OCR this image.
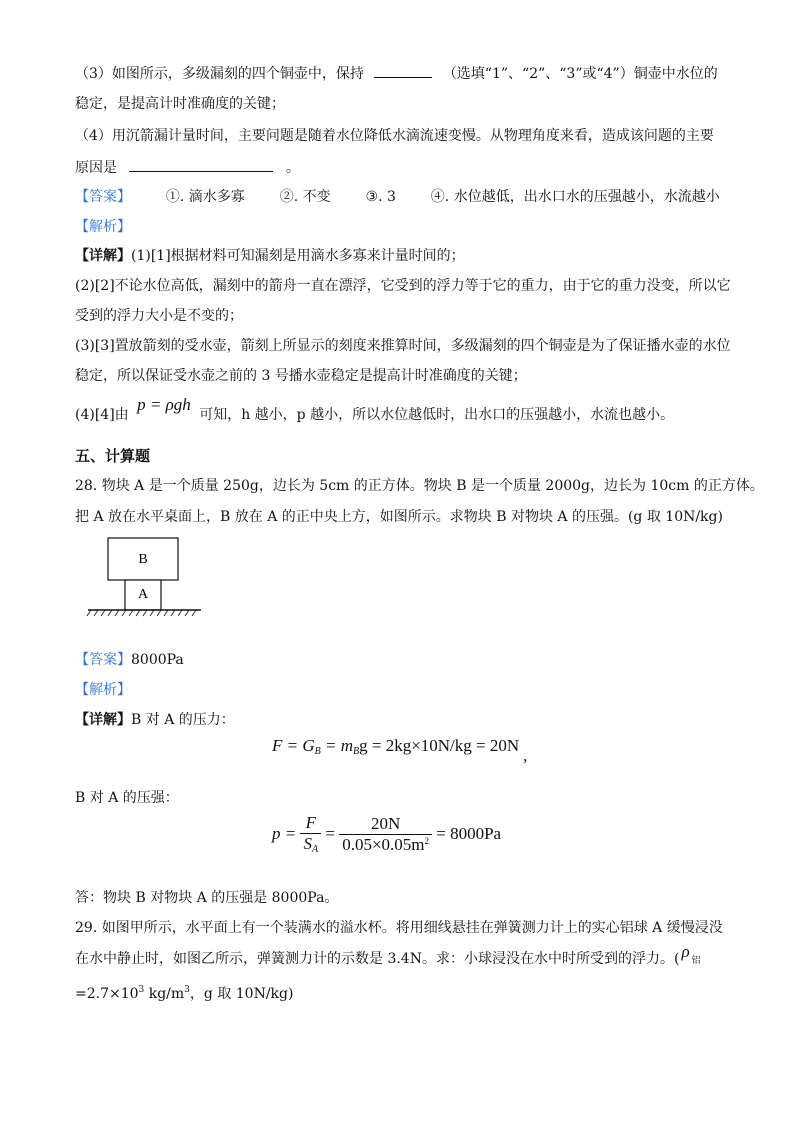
（3）如图所示，多级漏刻的四个铜壶中，保持	（选填“1”、“2”、“3”或“4”）铜壶中水位的
稳定，是提高计时准确度的关键；
（4）用沉箭漏计量时间，主要问题是随着水位降低水滴流速变慢。从物理角度来看，造成该问题的主要
原因是	。
【答案】 ①. 滴水多寡 ②. 不变 ③. 3 ④. 水位越低，出水口水的压强越小，水流越小
【解析】
【详解】(1)[1]根据材料可知漏刻是用滴水多寡来计量时间的；
(2)[2]不论水位高低，漏刻中的箭舟一直在漂浮，它受到的浮力等于它的重力，由于它的重力没变，所以它
受到的浮力大小是不变的；
(3)[3]置放箭刻的受水壶，箭刻上所显示的刻度来推算时间，多级漏刻的四个铜壶是为了保证播水壶的水位
稳定，所以保证受水壶之前的 3 号播水壶稳定是提高计时准确度的关键；
(4)[4]由 p = ρgh 可知，h 越小，p 越小，所以水位越低时，出水口的压强越小，水流也越小。
五、计算题
28. 物块 A 是一个质量 250g，边长为 5cm 的正方体。物块 B 是一个质量 2000g，边长为 10cm 的正方体。
把 A 放在水平桌面上，B 放在 A 的正中央上方，如图所示。求物块 B 对物块 A 的压强。(g 取 10N/kg)
B
A
【答案】8000Pa
【解析】
【详解】B 对 A 的压力：
$F = G_B = m_Bg = 2kg\times 10N/kg = 20N$,
B 对 A 的压强：
$p = \frac{F}{S_A} = \frac{20N}{0.05\times 0.05m^2} = 8000Pa$
答：物块 B 对物块 A 的压强是 8000Pa。
29. 如图甲所示，水平面上有一个装满水的溢水杯。将用细线悬挂在弹簧测力计上的实心铝球 A 缓慢浸没
在水中静止时，如图乙所示，弹簧测力计的示数是 3.4N。求：小球浸没在水中时所受到的浮力。( ρ 铝
$=2.7\times 10^3$ $kg/m^3$，g 取 10N/kg)
